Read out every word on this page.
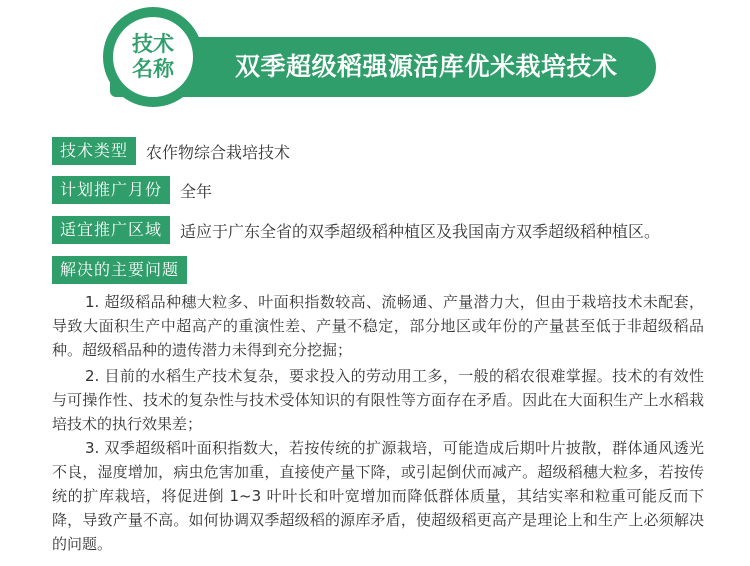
双季超级稻强源活库优米栽培技术
技术
名称
技术类型	农作物综合栽培技术
计划推广月份	全年
适宜推广区域	适应于广东全省的双季超级稻种植区及我国南方双季超级稻种植区。
解决的主要问题

1. 超级稻品种穗大粒多、叶面积指数较高、流畅通、产量潜力大，但由于栽培技术未配套，导致大面积生产中超高产的重演性差、产量不稳定，部分地区或年份的产量甚至低于非超级稻品种。超级稻品种的遗传潜力未得到充分挖掘；

2. 目前的水稻生产技术复杂，要求投入的劳动用工多，一般的稻农很难掌握。技术的有效性与可操作性、技术的复杂性与技术受体知识的有限性等方面存在矛盾。因此在大面积生产上水稻栽培技术的执行效果差；

3. 双季超级稻叶面积指数大，若按传统的扩源栽培，可能造成后期叶片披散，群体通风透光不良，湿度增加，病虫危害加重，直接使产量下降，或引起倒伏而减产。超级稻穗大粒多，若按传统的扩库栽培，将促进倒 1~3 叶叶长和叶宽增加而降低群体质量，其结实率和粒重可能反而下降，导致产量不高。如何协调双季超级稻的源库矛盾，使超级稻更高产是理论上和生产上必须解决的问题。
